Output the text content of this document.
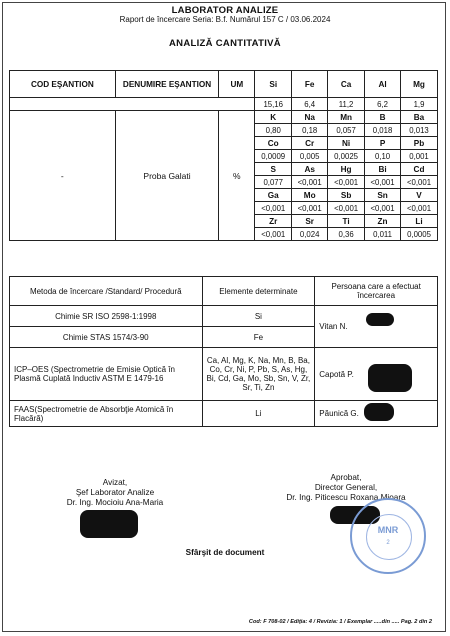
LABORATOR ANALIZE
Raport de încercare Seria: B.f. Numărul 157 C / 03.06.2024
ANALIZĂ CANTITATIVĂ
COD EŞANTION	DENUMIRE EŞANTION	UM	Si	Fe	Ca	Al	Mg
			15,16	6,4	11,2	6,2	1,9
-	Proba Galati	%	K	Na	Mn	B	Ba
			0,80	0,18	0,057	0,018	0,013
			Co	Cr	Ni	P	Pb
			0,0009	0,005	0,0025	0,10	0,001
			S	As	Hg	Bi	Cd
			0,077	<0,001	<0,001	<0,001	<0,001
			Ga	Mo	Sb	Sn	V
			<0,001	<0,001	<0,001	<0,001	<0,001
			Zr	Sr	Ti	Zn	Li
			<0,001	0,024	0,36	0,011	0,0005
Metoda de încercare /Standard/ Procedură	Elemente determinate	Persoana care a efectuat încercarea
Chimie SR ISO 2598-1:1998	Si	Vitan N.
Chimie STAS 1574/3-90	Fe	
ICP–OES (Spectrometrie de Emisie Optică în Plasmă Cuplată Inductiv ASTM E 1479-16	Ca, Al, Mg, K, Na, Mn, B, Ba, Co, Cr, Ni, P, Pb, S, As, Hg, Bi, Cd, Ga, Mo, Sb, Sn, V, Zr, Sr, Ti, Zn	Capotă P.
FAAS(Spectrometrie de Absorbţie Atomică în Flacără)	Li	Păunică G.
Avizat,
Şef Laborator Analize
Dr. Ing. Mocioiu Ana-Maria
Aprobat,
Director General,
Dr. Ing. Piticescu Roxana Mioara
MNR
2
Sfârşit de document
Cod: F 708-02 / Ediţia: 4 / Revizia: 1 / Exemplar .....din ..... Pag. 2 din 2
